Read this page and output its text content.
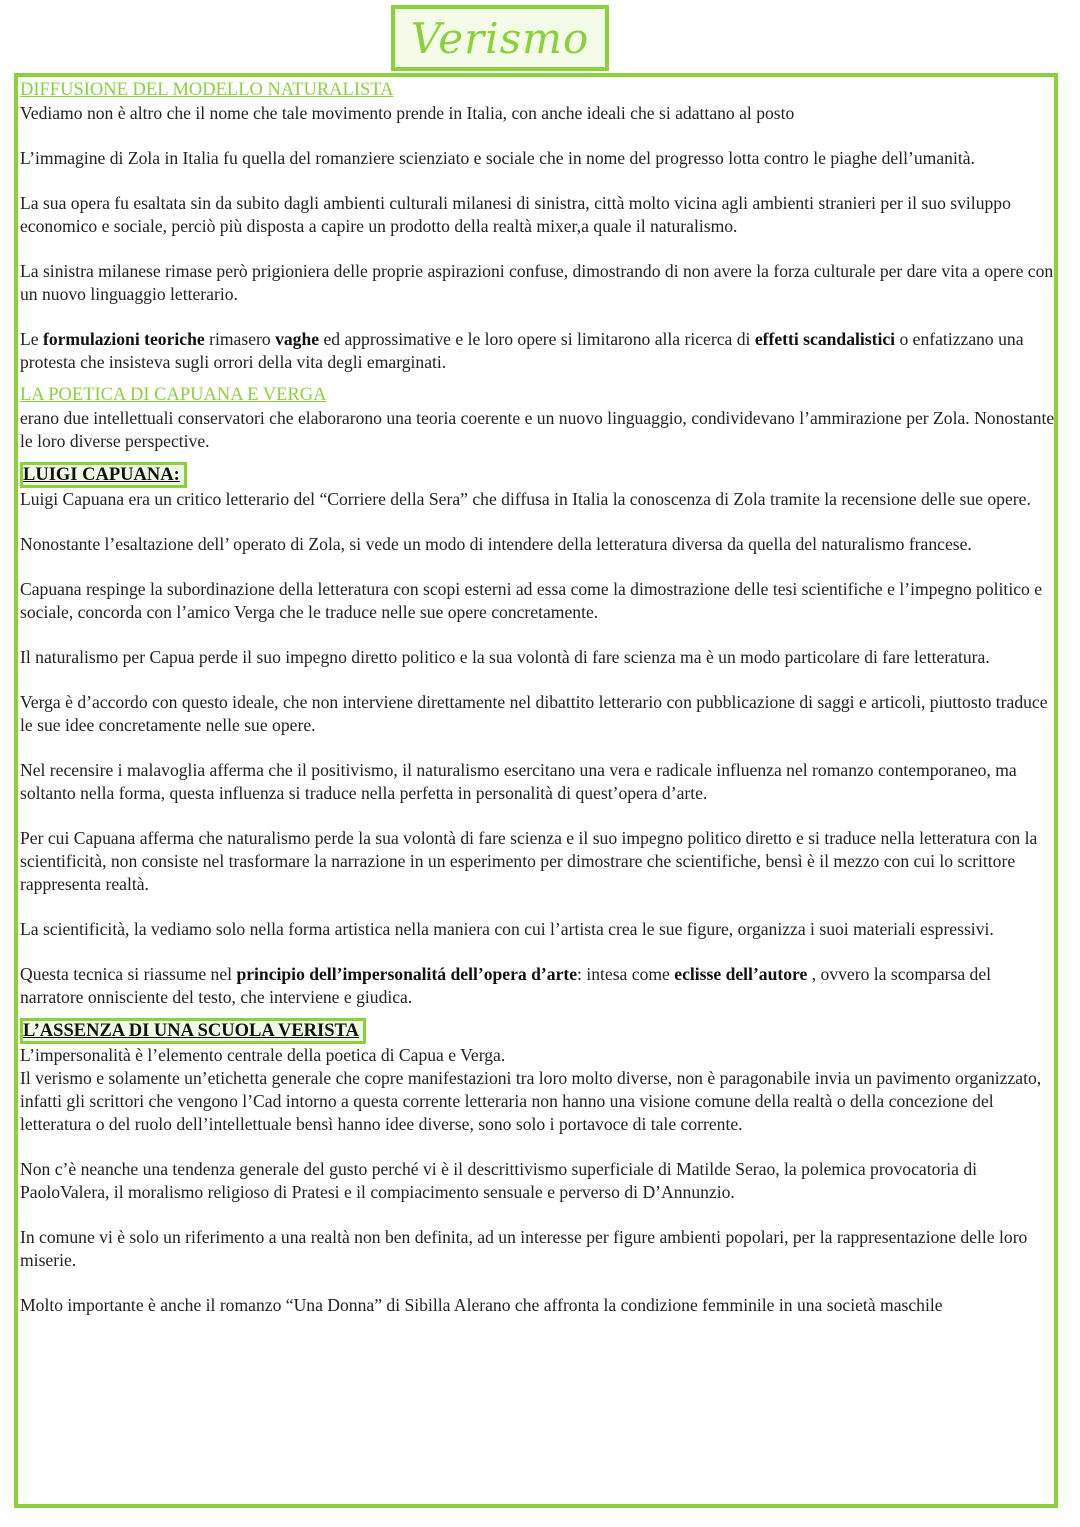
Verismo
DIFFUSIONE DEL MODELLO NATURALISTA

Vediamo non è altro che il nome che tale movimento prende in Italia, con anche ideali che si adattano al posto

L’immagine di Zola in Italia fu quella del romanziere scienziato e sociale che in nome del progresso lotta contro le piaghe dell’umanità.

La sua opera fu esaltata sin da subito dagli ambienti culturali milanesi di sinistra, città molto vicina agli ambienti stranieri per il suo sviluppo economico e sociale, perciò più disposta a capire un prodotto della realtà mixer,a quale il naturalismo.

La sinistra milanese rimase però prigioniera delle proprie aspirazioni confuse, dimostrando di non avere la forza culturale per dare vita a opere con un nuovo linguaggio letterario.

Le formulazioni teoriche rimasero vaghe ed approssimative e le loro opere si limitarono alla ricerca di effetti scandalistici o enfatizzano una protesta che insisteva sugli orrori della vita degli emarginati.

LA POETICA DI CAPUANA E VERGA

erano due intellettuali conservatori che elaborarono una teoria coerente e un nuovo linguaggio, condividevano l’ammirazione per Zola. Nonostante le loro diverse perspective.

LUIGI CAPUANA:

Luigi Capuana era un critico letterario del “Corriere della Sera” che diffusa in Italia la conoscenza di Zola tramite la recensione delle sue opere.

Nonostante l’esaltazione dell’ operato di Zola, si vede un modo di intendere della letteratura diversa da quella del naturalismo francese.

Capuana respinge la subordinazione della letteratura con scopi esterni ad essa come la dimostrazione delle tesi scientifiche e l’impegno politico e sociale, concorda con l’amico Verga che le traduce nelle sue opere concretamente.

Il naturalismo per Capua perde il suo impegno diretto politico e la sua volontà di fare scienza ma è un modo particolare di fare letteratura.

Verga è d’accordo con questo ideale, che non interviene direttamente nel dibattito letterario con pubblicazione di saggi e articoli, piuttosto traduce le sue idee concretamente nelle sue opere.

Nel recensire i malavoglia afferma che il positivismo, il naturalismo esercitano una vera e radicale influenza nel romanzo contemporaneo, ma soltanto nella forma, questa influenza si traduce nella perfetta in personalità di quest’opera d’arte.

Per cui Capuana afferma che naturalismo perde la sua volontà di fare scienza e il suo impegno politico diretto e si traduce nella letteratura con la scientificità, non consiste nel trasformare la narrazione in un esperimento per dimostrare che scientifiche, bensì è il mezzo con cui lo scrittore rappresenta realtà.

La scientificità, la vediamo solo nella forma artistica nella maniera con cui l’artista crea le sue figure, organizza i suoi materiali espressivi.

Questa tecnica si riassume nel principio dell’impersonalitá dell’opera d’arte: intesa come eclisse dell’autore , ovvero la scomparsa del narratore onnisciente del testo, che interviene e giudica.

L’ASSENZA DI UNA SCUOLA VERISTA

L’impersonalità è l’elemento centrale della poetica di Capua e Verga.

Il verismo e solamente un’etichetta generale che copre manifestazioni tra loro molto diverse, non è paragonabile invia un pavimento organizzato, infatti gli scrittori che vengono l’Cad intorno a questa corrente letteraria non hanno una visione comune della realtà o della concezione del letteratura o del ruolo dell’intellettuale bensì hanno idee diverse, sono solo i portavoce di tale corrente.

Non c’è neanche una tendenza generale del gusto perché vi è il descrittivismo superficiale di Matilde Serao, la polemica provocatoria di PaoloValera, il moralismo religioso di Pratesi e il compiacimento sensuale e perverso di D’Annunzio.

In comune vi è solo un riferimento a una realtà non ben definita, ad un interesse per figure ambienti popolari, per la rappresentazione delle loro miserie.

Molto importante è anche il romanzo “Una Donna” di Sibilla Alerano che affronta la condizione femminile in una società maschile
